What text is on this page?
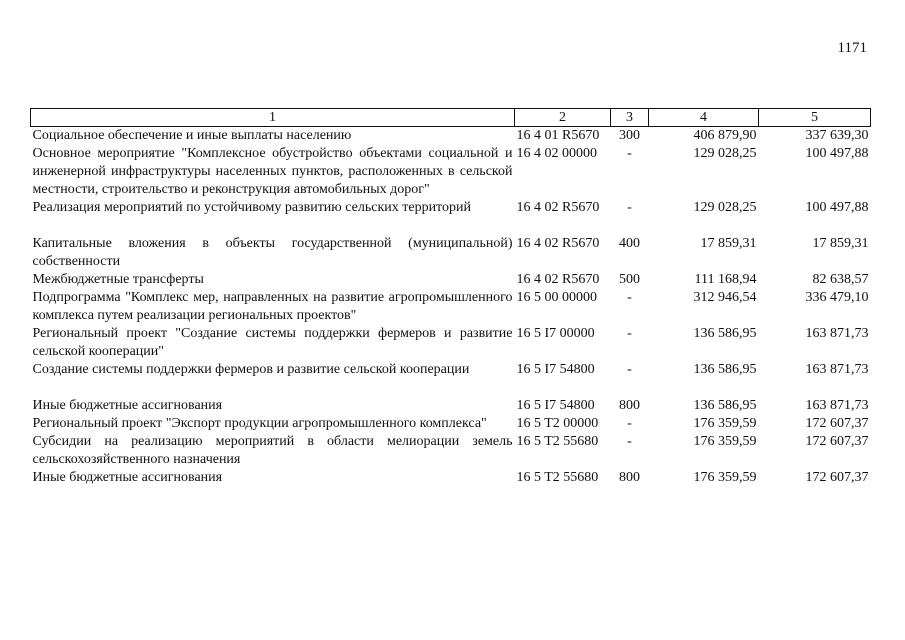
1171
1	2	3	4	5
Социальное обеспечение и иные выплаты населению	16 4 01 R5670	300	406 879,90	337 639,30
Основное мероприятие "Комплексное обустройство объектами социальной и инженерной инфраструктуры населенных пунктов, расположенных в сельской местности, строительство и реконструкция автомобильных дорог"	16 4 02 00000	-	129 028,25	100 497,88
Реализация мероприятий по устойчивому развитию сельских территорий	16 4 02 R5670	-	129 028,25	100 497,88
Капитальные вложения в объекты государственной (муниципальной) собственности	16 4 02 R5670	400	17 859,31	17 859,31
Межбюджетные трансферты	16 4 02 R5670	500	111 168,94	82 638,57
Подпрограмма "Комплекс мер, направленных на развитие агропромышленного комплекса путем реализации региональных проектов"	16 5 00 00000	-	312 946,54	336 479,10
Региональный проект "Создание системы поддержки фермеров и развитие сельской кооперации"	16 5 I7 00000	-	136 586,95	163 871,73
Создание системы поддержки фермеров и развитие сельской кооперации	16 5 I7 54800	-	136 586,95	163 871,73
Иные бюджетные ассигнования	16 5 I7 54800	800	136 586,95	163 871,73
Региональный проект "Экспорт продукции агропромышленного комплекса"	16 5 T2 00000	-	176 359,59	172 607,37
Субсидии на реализацию мероприятий в области мелиорации земель сельскохозяйственного назначения	16 5 T2 55680	-	176 359,59	172 607,37
Иные бюджетные ассигнования	16 5 T2 55680	800	176 359,59	172 607,37
